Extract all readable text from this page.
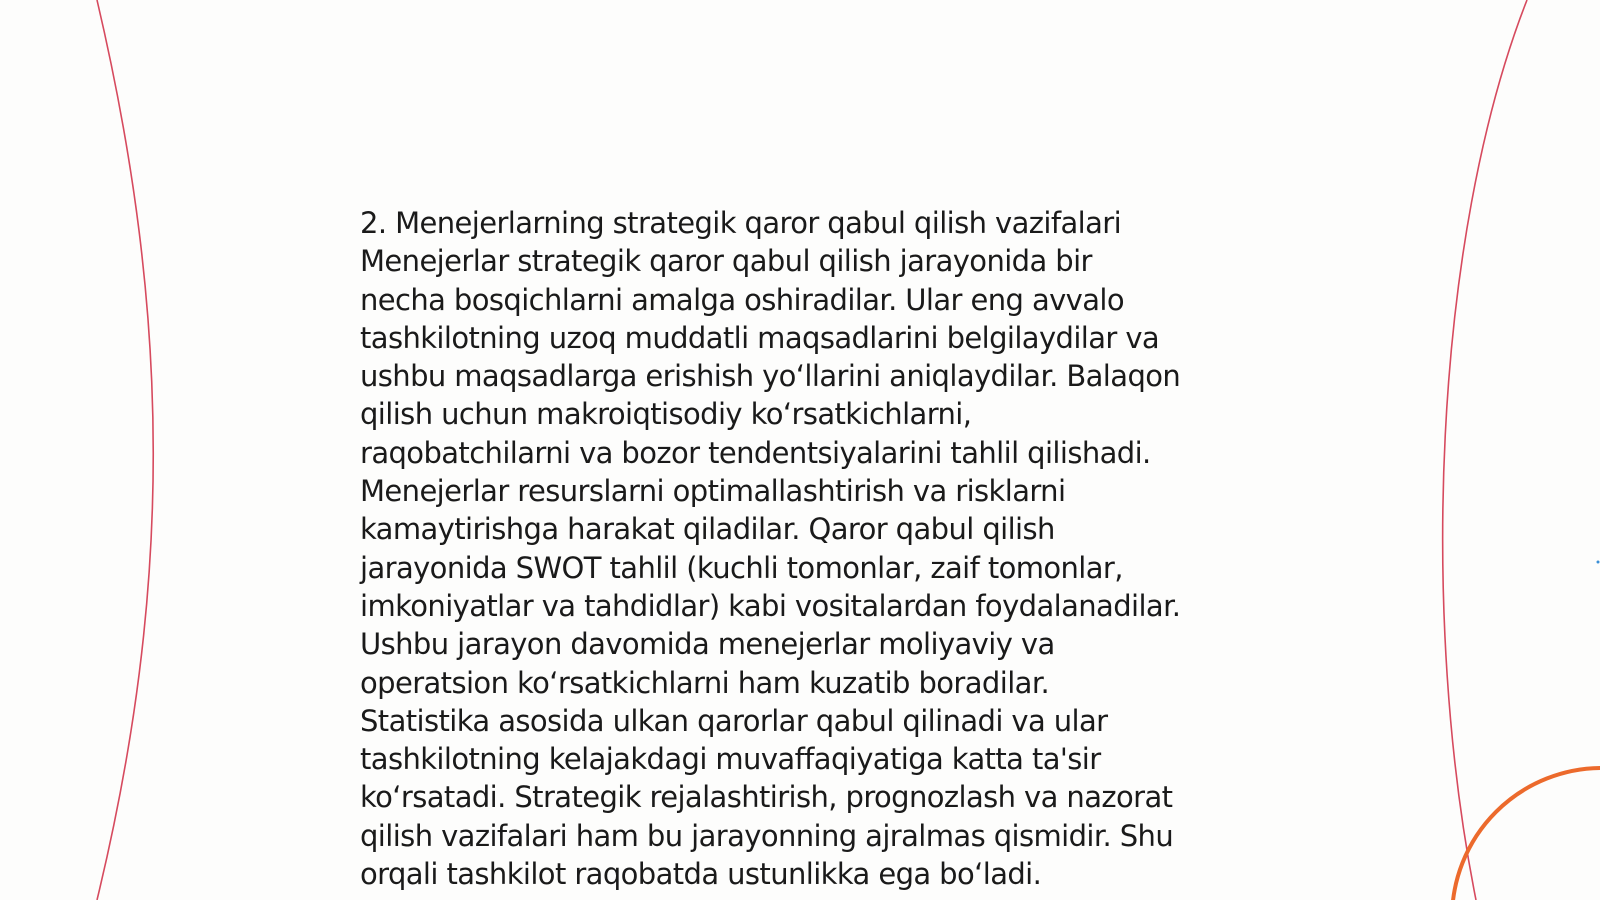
2. Menejerlarning strategik qaror qabul qilish vazifalari
Menejerlar strategik qaror qabul qilish jarayonida bir
necha bosqichlarni amalga oshiradilar. Ular eng avvalo
tashkilotning uzoq muddatli maqsadlarini belgilaydilar va
ushbu maqsadlarga erishish yo‘llarini aniqlaydilar. Balaqon
qilish uchun makroiqtisodiy ko‘rsatkichlarni,
raqobatchilarni va bozor tendentsiyalarini tahlil qilishadi.
Menejerlar resurslarni optimallashtirish va risklarni
kamaytirishga harakat qiladilar. Qaror qabul qilish
jarayonida SWOT tahlil (kuchli tomonlar, zaif tomonlar,
imkoniyatlar va tahdidlar) kabi vositalardan foydalanadilar.
Ushbu jarayon davomida menejerlar moliyaviy va
operatsion ko‘rsatkichlarni ham kuzatib boradilar.
Statistika asosida ulkan qarorlar qabul qilinadi va ular
tashkilotning kelajakdagi muvaffaqiyatiga katta ta'sir
ko‘rsatadi. Strategik rejalashtirish, prognozlash va nazorat
qilish vazifalari ham bu jarayonning ajralmas qismidir. Shu
orqali tashkilot raqobatda ustunlikka ega bo‘ladi.
